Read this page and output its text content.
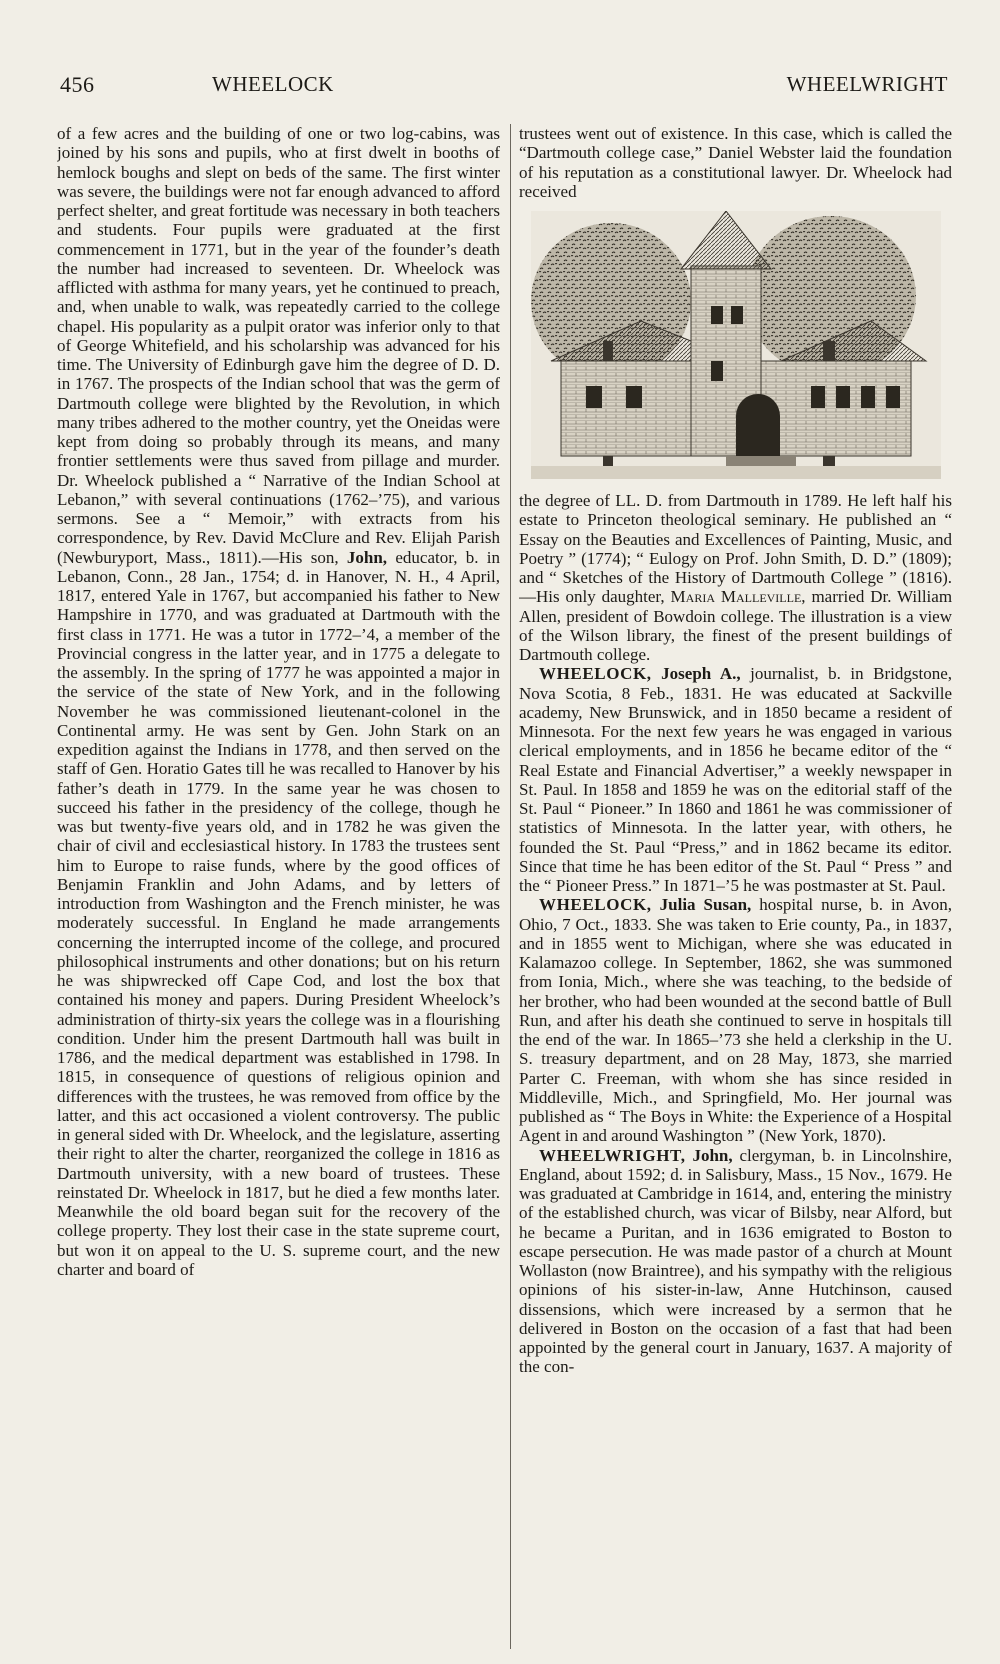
456	WHEELOCK	WHEELWRIGHT

of a few acres and the building of one or two log-cabins, was joined by his sons and pupils, who at first dwelt in booths of hemlock boughs and slept on beds of the same. The first winter was severe, the buildings were not far enough advanced to afford perfect shelter, and great fortitude was necessary in both teachers and students. Four pupils were graduated at the first commencement in 1771, but in the year of the founder’s death the number had increased to seventeen. Dr. Wheelock was afflicted with asthma for many years, yet he continued to preach, and, when unable to walk, was repeatedly carried to the college chapel. His popularity as a pulpit orator was inferior only to that of George Whitefield, and his scholarship was advanced for his time. The University of Edinburgh gave him the degree of D. D. in 1767. The prospects of the Indian school that was the germ of Dartmouth college were blighted by the Revolution, in which many tribes adhered to the mother country, yet the Oneidas were kept from doing so probably through its means, and many frontier settlements were thus saved from pillage and murder. Dr. Wheelock published a “ Narrative of the Indian School at Lebanon,” with several continuations (1762–’75), and various sermons. See a “ Memoir,” with extracts from his correspondence, by Rev. David McClure and Rev. Elijah Parish (Newburyport, Mass., 1811).—His son, John, educator, b. in Lebanon, Conn., 28 Jan., 1754; d. in Hanover, N. H., 4 April, 1817, entered Yale in 1767, but accompanied his father to New Hampshire in 1770, and was graduated at Dartmouth with the first class in 1771. He was a tutor in 1772–’4, a member of the Provincial congress in the latter year, and in 1775 a delegate to the assembly. In the spring of 1777 he was appointed a major in the service of the state of New York, and in the following November he was commissioned lieutenant-colonel in the Continental army. He was sent by Gen. John Stark on an expedition against the Indians in 1778, and then served on the staff of Gen. Horatio Gates till he was recalled to Hanover by his father’s death in 1779. In the same year he was chosen to succeed his father in the presidency of the college, though he was but twenty-five years old, and in 1782 he was given the chair of civil and ecclesiastical history. In 1783 the trustees sent him to Europe to raise funds, where by the good offices of Benjamin Franklin and John Adams, and by letters of introduction from Washington and the French minister, he was moderately successful. In England he made arrangements concerning the interrupted income of the college, and procured philosophical instruments and other donations; but on his return he was shipwrecked off Cape Cod, and lost the box that contained his money and papers. During President Wheelock’s administration of thirty-six years the college was in a flourishing condition. Under him the present Dartmouth hall was built in 1786, and the medical department was established in 1798. In 1815, in consequence of questions of religious opinion and differences with the trustees, he was removed from office by the latter, and this act occasioned a violent controversy. The public in general sided with Dr. Wheelock, and the legislature, asserting their right to alter the charter, reorganized the college in 1816 as Dartmouth university, with a new board of trustees. These reinstated Dr. Wheelock in 1817, but he died a few months later. Meanwhile the old board began suit for the recovery of the college property. They lost their case in the state supreme court, but won it on appeal to the U. S. supreme court, and the new charter and board of

trustees went out of existence. In this case, which is called the “Dartmouth college case,” Daniel Webster laid the foundation of his reputation as a constitutional lawyer. Dr. Wheelock had received

the degree of LL. D. from Dartmouth in 1789. He left half his estate to Princeton theological seminary. He published an “ Essay on the Beauties and Excellences of Painting, Music, and Poetry ” (1774); “ Eulogy on Prof. John Smith, D. D.” (1809); and “ Sketches of the History of Dartmouth College ” (1816).—His only daughter, Maria Malleville, married Dr. William Allen, president of Bowdoin college. The illustration is a view of the Wilson library, the finest of the present buildings of Dartmouth college.

WHEELOCK, Joseph A., journalist, b. in Bridgstone, Nova Scotia, 8 Feb., 1831. He was educated at Sackville academy, New Brunswick, and in 1850 became a resident of Minnesota. For the next few years he was engaged in various clerical employments, and in 1856 he became editor of the “ Real Estate and Financial Advertiser,” a weekly newspaper in St. Paul. In 1858 and 1859 he was on the editorial staff of the St. Paul “ Pioneer.” In 1860 and 1861 he was commissioner of statistics of Minnesota. In the latter year, with others, he founded the St. Paul “Press,” and in 1862 became its editor. Since that time he has been editor of the St. Paul “ Press ” and the “ Pioneer Press.” In 1871–’5 he was postmaster at St. Paul.

WHEELOCK, Julia Susan, hospital nurse, b. in Avon, Ohio, 7 Oct., 1833. She was taken to Erie county, Pa., in 1837, and in 1855 went to Michigan, where she was educated in Kalamazoo college. In September, 1862, she was summoned from Ionia, Mich., where she was teaching, to the bedside of her brother, who had been wounded at the second battle of Bull Run, and after his death she continued to serve in hospitals till the end of the war. In 1865–’73 she held a clerkship in the U. S. treasury department, and on 28 May, 1873, she married Parter C. Freeman, with whom she has since resided in Middleville, Mich., and Springfield, Mo. Her journal was published as “ The Boys in White: the Experience of a Hospital Agent in and around Washington ” (New York, 1870).

WHEELWRIGHT, John, clergyman, b. in Lincolnshire, England, about 1592; d. in Salisbury, Mass., 15 Nov., 1679. He was graduated at Cambridge in 1614, and, entering the ministry of the established church, was vicar of Bilsby, near Alford, but he became a Puritan, and in 1636 emigrated to Boston to escape persecution. He was made pastor of a church at Mount Wollaston (now Braintree), and his sympathy with the religious opinions of his sister-in-law, Anne Hutchinson, caused dissensions, which were increased by a sermon that he delivered in Boston on the occasion of a fast that had been appointed by the general court in January, 1637. A majority of the con-
